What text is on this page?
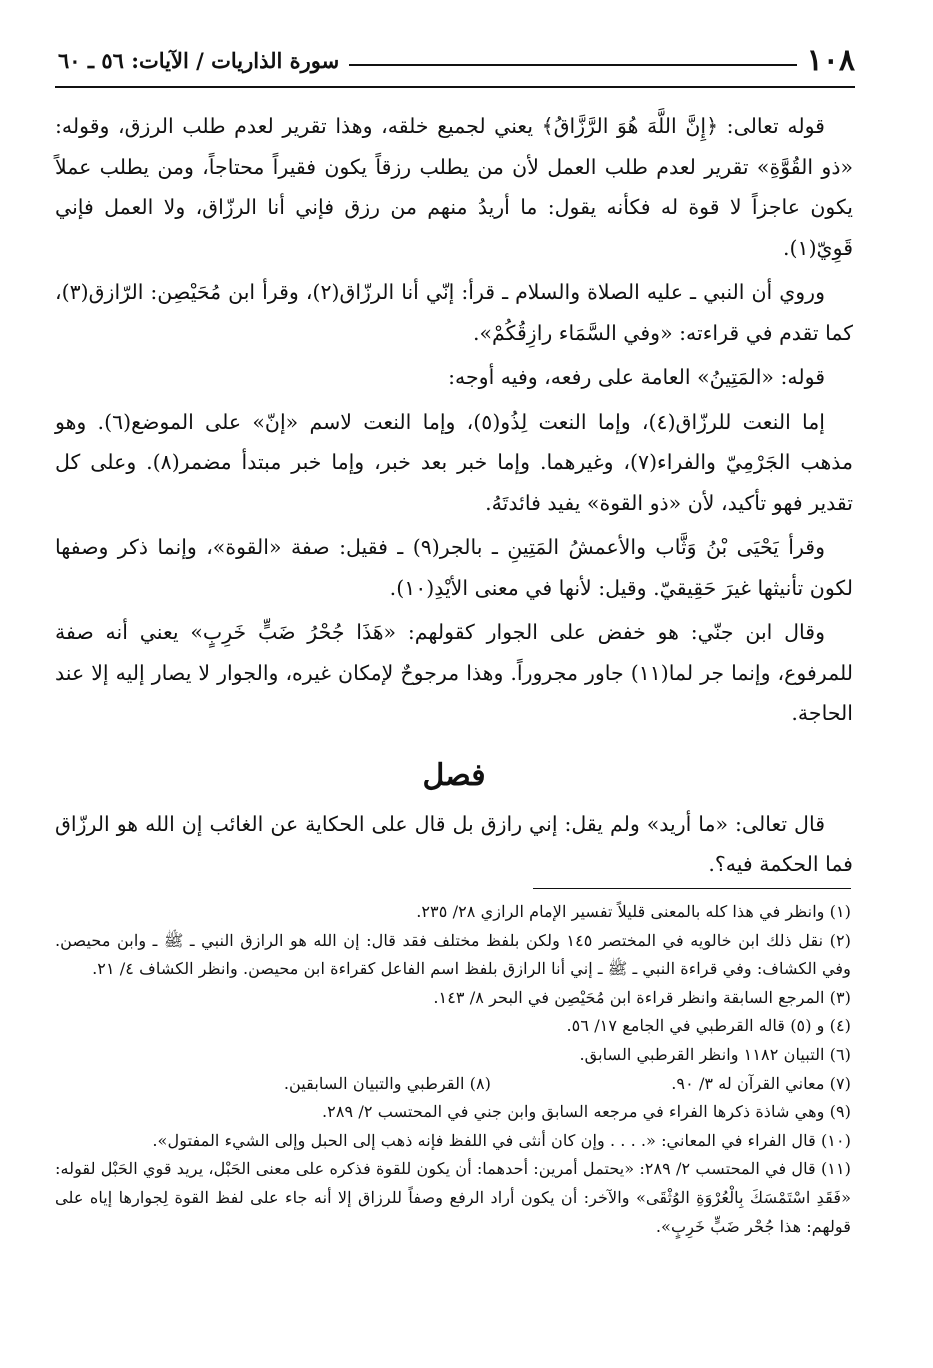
١٠٨
سورة الذاريات / الآيات: ٥٦ ـ ٦٠

قوله تعالى: ﴿إِنَّ اللَّهَ هُوَ الرَّزَّاقُ﴾ يعني لجميع خلقه، وهذا تقرير لعدم طلب الرزق، وقوله: «ذو القُوَّةِ» تقرير لعدم طلب العمل لأن من يطلب رزقاً يكون فقيراً محتاجاً، ومن يطلب عملاً يكون عاجزاً لا قوة له فكأنه يقول: ما أريدُ منهم من رزق فإني أنا الرزّاق، ولا العمل فإني قَوِيّ(١).

وروي أن النبي ـ عليه الصلاة والسلام ـ قرأ: إنّي أنا الرزّاق(٢)، وقرأ ابن مُحَيْصِن: الرّازق(٣)، كما تقدم في قراءته: «وفي السَّمَاء رازِقُكُمْ».

قوله: «المَتِينُ» العامة على رفعه، وفيه أوجه:

إما النعت للرزّاق(٤)، وإما النعت لِذُو(٥)، وإما النعت لاسم «إنّ» على الموضع(٦). وهو مذهب الجَرْمِيّ والفراء(٧)، وغيرهما. وإما خبر بعد خبر، وإما خبر مبتدأ مضمر(٨). وعلى كل تقدير فهو تأكيد، لأن «ذو القوة» يفيد فائدتَهُ.

وقرأ يَحْيَى بْنُ وَثَّاب والأعمشُ المَتِينِ ـ بالجر(٩) ـ فقيل: صفة «القوة»، وإنما ذكر وصفها لكون تأنيثها غيرَ حَقِيقيّ. وقيل: لأنها في معنى الأيْدِ(١٠).

وقال ابن جنّي: هو خفض على الجوار كقولهم: «هَذَا جُحْرُ ضَبٍّ خَرِبٍ» يعني أنه صفة للمرفوع، وإنما جر لما(١١) جاور مجروراً. وهذا مرجوحٌ لإمكان غيره، والجوار لا يصار إليه إلا عند الحاجة.

فصل

قال تعالى: «ما أريد» ولم يقل: إني رازق بل قال على الحكاية عن الغائب إن الله هو الرزّاق فما الحكمة فيه؟.

(١) وانظر في هذا كله بالمعنى قليلاً تفسير الإمام الرازي ٢٨/ ٢٣٥.
(٢) نقل ذلك ابن خالويه في المختصر ١٤٥ ولكن بلفظ مختلف فقد قال: إن الله هو الرازق النبي ـ ﷺ ـ وابن محيصن. وفي الكشاف: وفي قراءة النبي ـ ﷺ ـ إني أنا الرازق بلفظ اسم الفاعل كقراءة ابن محيصن. وانظر الكشاف ٤/ ٢١.
(٣) المرجع السابقة وانظر قراءة ابن مُحَيْصِن في البحر ٨/ ١٤٣.
(٤) و (٥) قاله القرطبي في الجامع ١٧/ ٥٦.
(٦) التبيان ١١٨٢ وانظر القرطبي السابق.
(٧) معاني القرآن له ٣/ ٩٠.
(٨) القرطبي والتبيان السابقين.
(٩) وهي شاذة ذكرها الفراء في مرجعه السابق وابن جني في المحتسب ٢/ ٢٨٩.
(١٠) قال الفراء في المعاني: «. . . . وإن كان أنثى في اللفظ فإنه ذهب إلى الحبل وإلى الشيء المفتول».
(١١) قال في المحتسب ٢/ ٢٨٩: «يحتمل أمرين: أحدهما: أن يكون للقوة فذكره على معنى الحَبْل، يريد قوي الحَبْل لقوله: «فَقَدِ اسْتَمْسَكَ بِالْعُرْوَةِ الوُثْقَى» والآخر: أن يكون أراد الرفع وصفاً للرزاق إلا أنه جاء على لفظ القوة لِجوارها إياه على قولهم: هذا جُحْر ضَبٍّ خَرِبٍ».
